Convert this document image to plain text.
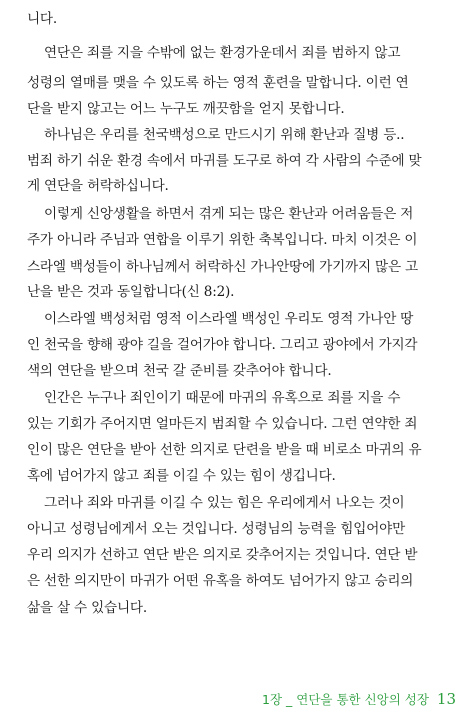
니다.
연단은 죄를 지을 수밖에 없는 환경가운데서 죄를 범하지 않고
성령의 열매를 맺을 수 있도록 하는 영적 훈련을 말합니다. 이런 연
단을 받지 않고는 어느 누구도 깨끗함을 얻지 못합니다.
하나님은 우리를 천국백성으로 만드시기 위해 환난과 질병 등..
범죄 하기 쉬운 환경 속에서 마귀를 도구로 하여 각 사람의 수준에 맞
게 연단을 허락하십니다.
이렇게 신앙생활을 하면서 겪게 되는 많은 환난과 어려움들은 저
주가 아니라 주님과 연합을 이루기 위한 축복입니다. 마치 이것은 이
스라엘 백성들이 하나님께서 허락하신 가나안땅에 가기까지 많은 고
난을 받은 것과 동일합니다(신 8:2).
이스라엘 백성처럼 영적 이스라엘 백성인 우리도 영적 가나안 땅
인 천국을 향해 광야 길을 걸어가야 합니다. 그리고 광야에서 가지각
색의 연단을 받으며 천국 갈 준비를 갖추어야 합니다.
인간은 누구나 죄인이기 때문에 마귀의 유혹으로 죄를 지을 수
있는 기회가 주어지면 얼마든지 범죄할 수 있습니다. 그런 연약한 죄
인이 많은 연단을 받아 선한 의지로 단련을 받을 때 비로소 마귀의 유
혹에 넘어가지 않고 죄를 이길 수 있는 힘이 생깁니다.
그러나 죄와 마귀를 이길 수 있는 힘은 우리에게서 나오는 것이
아니고 성령님에게서 오는 것입니다. 성령님의 능력을 힘입어야만
우리 의지가 선하고 연단 받은 의지로 갖추어지는 것입니다. 연단 받
은 선한 의지만이 마귀가 어떤 유혹을 하여도 넘어가지 않고 승리의
삶을 살 수 있습니다.
1장 _ 연단을 통한 신앙의 성장 13
